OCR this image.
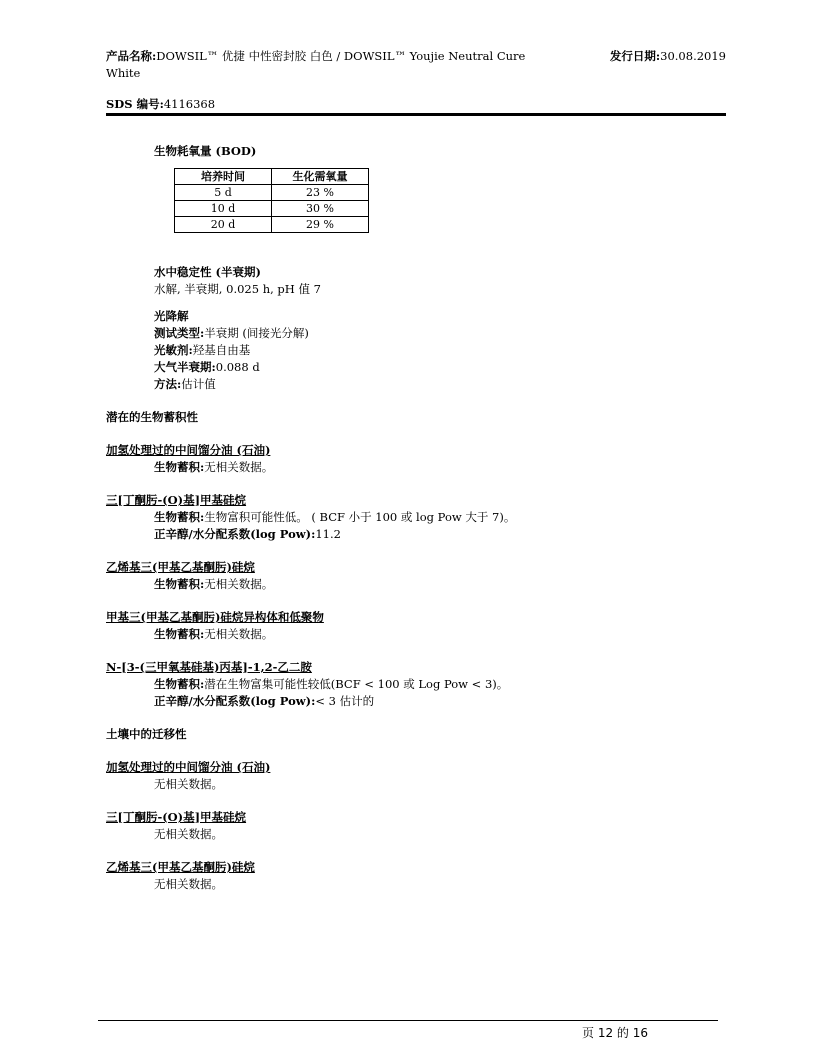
产品名称:DOWSIL™ 优捷 中性密封胶 白色 / DOWSIL™ Youjie Neutral Cure White
发行日期:30.08.2019
SDS 编号:4116368
生物耗氧量 (BOD)
培养时间	生化需氧量
5 d	23 %
10 d	30 %
20 d	29 %
水中稳定性 (半衰期)
水解, 半衰期, 0.025 h, pH 值 7
光降解
测试类型:半衰期 (间接光分解)
光敏剂:羟基自由基
大气半衰期:0.088 d
方法:估计值
潜在的生物蓄积性
加氢处理过的中间馏分油 (石油)
生物蓄积:无相关数据。
三[丁酮肟-(O)基]甲基硅烷
生物蓄积:生物富积可能性低。 ( BCF 小于 100 或 log Pow 大于 7)。
正辛醇/水分配系数(log Pow):11.2
乙烯基三(甲基乙基酮肟)硅烷
生物蓄积:无相关数据。
甲基三(甲基乙基酮肟)硅烷异构体和低聚物
生物蓄积:无相关数据。
N-[3-(三甲氧基硅基)丙基]-1,2-乙二胺
生物蓄积:潜在生物富集可能性较低(BCF < 100 或 Log Pow < 3)。
正辛醇/水分配系数(log Pow):< 3 估计的
土壤中的迁移性
加氢处理过的中间馏分油 (石油)
无相关数据。
三[丁酮肟-(O)基]甲基硅烷
无相关数据。
乙烯基三(甲基乙基酮肟)硅烷
无相关数据。
页 12 的 16
